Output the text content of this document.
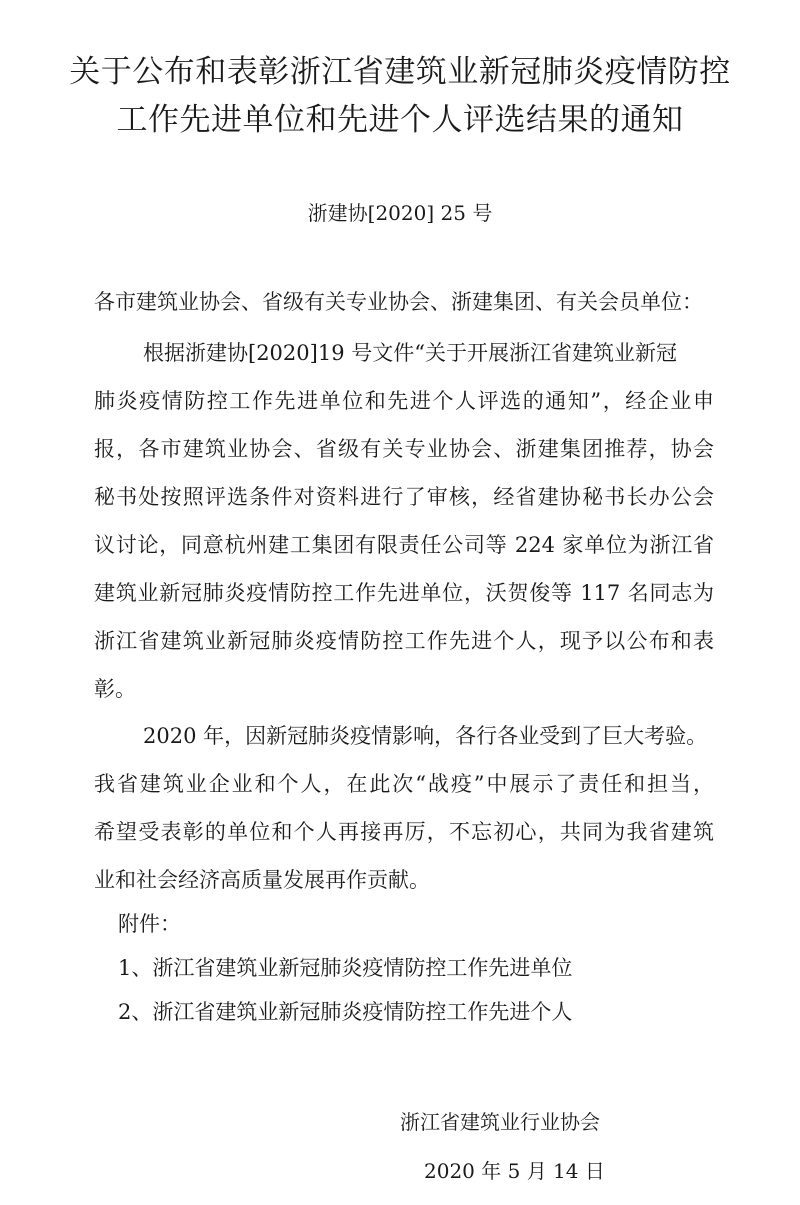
关于公布和表彰浙江省建筑业新冠肺炎疫情防控
工作先进单位和先进个人评选结果的通知
浙建协[2020] 25 号
各市建筑业协会、省级有关专业协会、浙建集团、有关会员单位：
根据浙建协[2020]19 号文件“关于开展浙江省建筑业新冠
肺炎疫情防控工作先进单位和先进个人评选的通知”，经企业申
报，各市建筑业协会、省级有关专业协会、浙建集团推荐，协会
秘书处按照评选条件对资料进行了审核，经省建协秘书长办公会
议讨论，同意杭州建工集团有限责任公司等 224 家单位为浙江省
建筑业新冠肺炎疫情防控工作先进单位，沃贺俊等 117 名同志为
浙江省建筑业新冠肺炎疫情防控工作先进个人，现予以公布和表
彰。
2020 年，因新冠肺炎疫情影响，各行各业受到了巨大考验。
我省建筑业企业和个人，在此次“战疫”中展示了责任和担当，
希望受表彰的单位和个人再接再厉，不忘初心，共同为我省建筑
业和社会经济高质量发展再作贡献。
附件：
1、浙江省建筑业新冠肺炎疫情防控工作先进单位
2、浙江省建筑业新冠肺炎疫情防控工作先进个人
浙江省建筑业行业协会
2020 年 5 月 14 日
